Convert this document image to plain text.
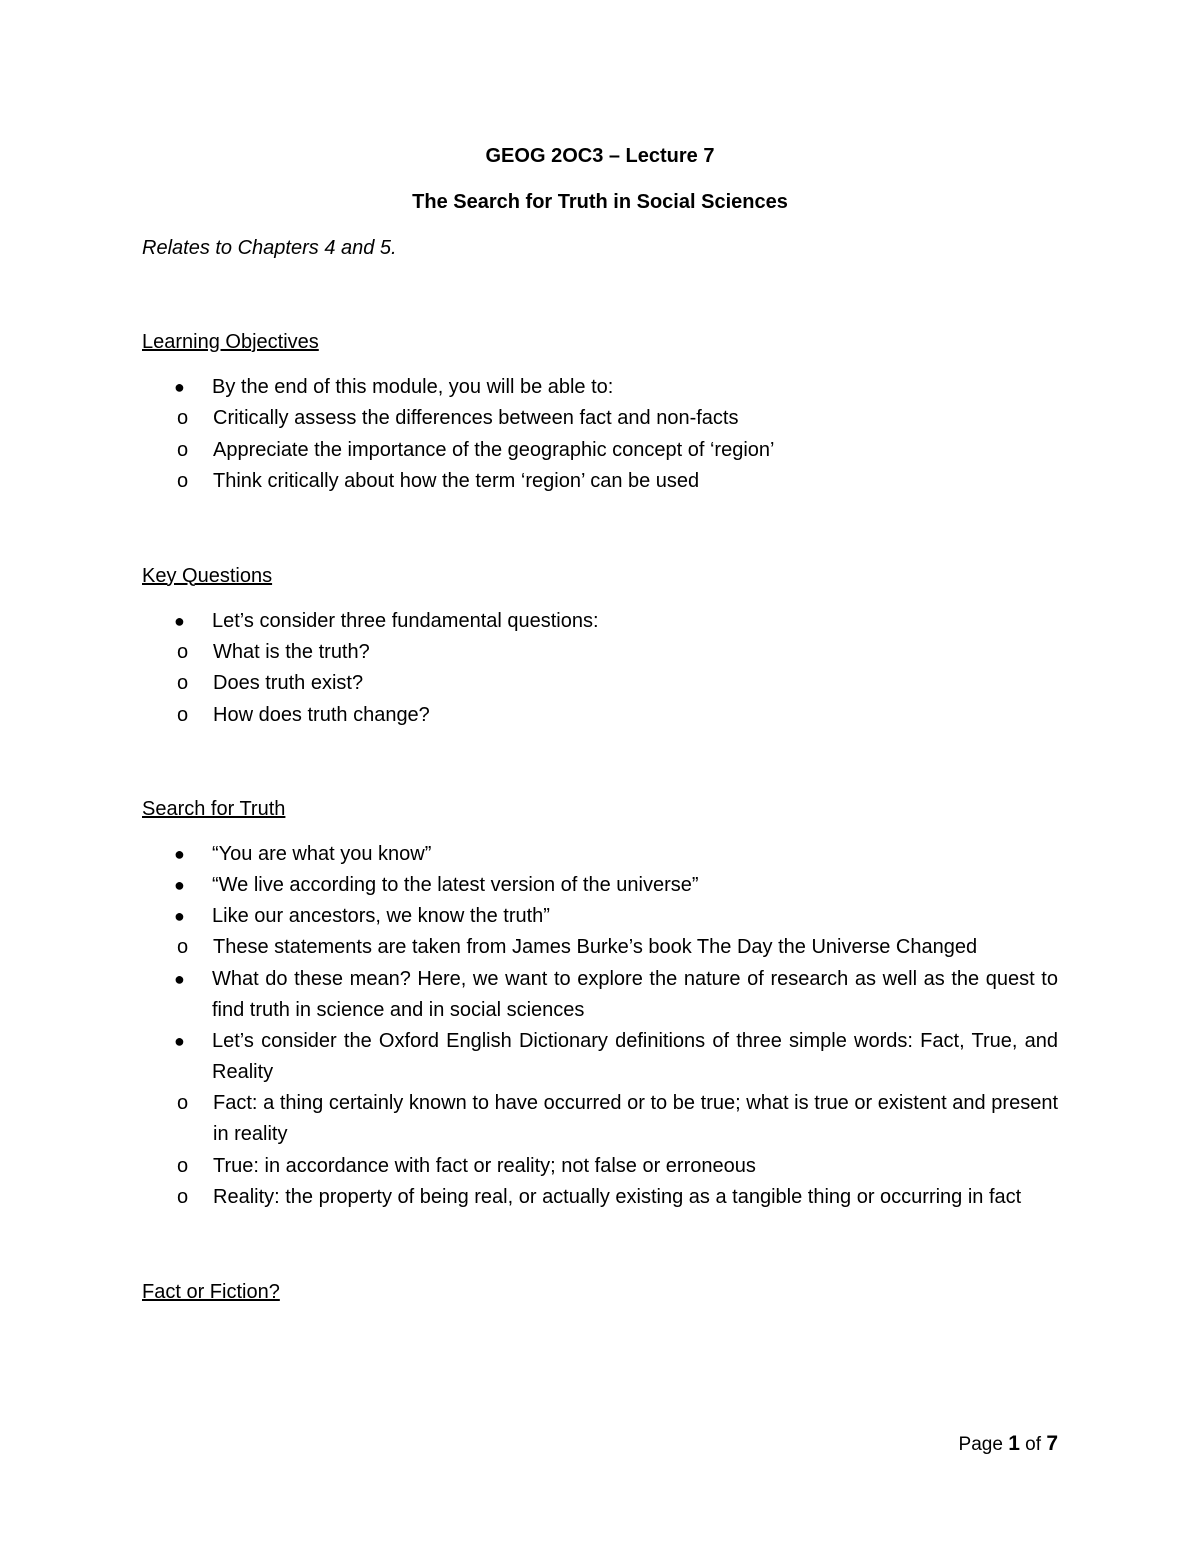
GEOG 2OC3 – Lecture 7

The Search for Truth in Social Sciences

Relates to Chapters 4 and 5.

Learning Objectives

● By the end of this module, you will be able to:
o Critically assess the differences between fact and non-facts
o Appreciate the importance of the geographic concept of ‘region’
o Think critically about how the term ‘region’ can be used

Key Questions

● Let’s consider three fundamental questions:
o What is the truth?
o Does truth exist?
o How does truth change?

Search for Truth

● “You are what you know”
● “We live according to the latest version of the universe”
● Like our ancestors, we know the truth”
o These statements are taken from James Burke’s book The Day the Universe Changed
● What do these mean? Here, we want to explore the nature of research as well as the quest to find truth in science and in social sciences
● Let’s consider the Oxford English Dictionary definitions of three simple words: Fact, True, and Reality
o Fact: a thing certainly known to have occurred or to be true; what is true or existent and present in reality
o True: in accordance with fact or reality; not false or erroneous
o Reality: the property of being real, or actually existing as a tangible thing or occurring in fact

Fact or Fiction?

Page 1 of 7
